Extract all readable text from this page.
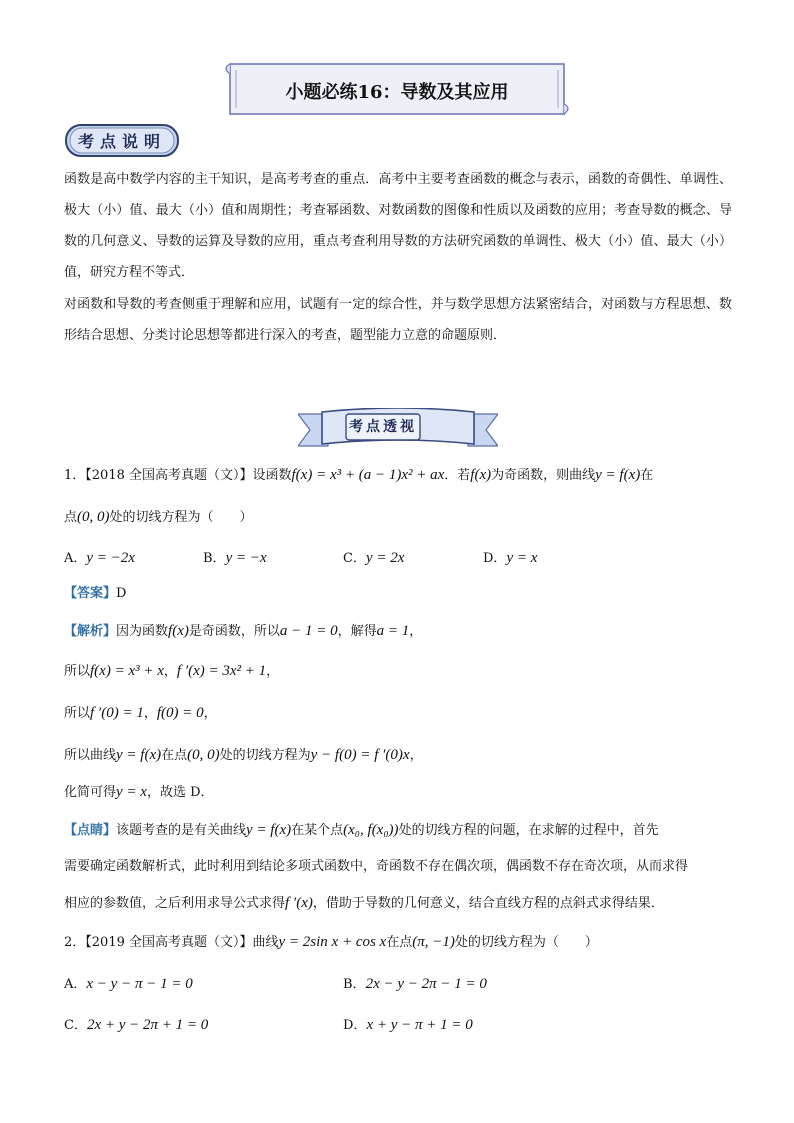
小题必练16：导数及其应用
考点说明
函数是高中数学内容的主干知识，是高考考查的重点．高考中主要考查函数的概念与表示，函数的奇偶性、单调性、极大（小）值、最大（小）值和周期性；考查幂函数、对数函数的图像和性质以及函数的应用；考查导数的概念、导数的几何意义、导数的运算及导数的应用，重点考查利用导数的方法研究函数的单调性、极大（小）值、最大（小）值，研究方程不等式．
对函数和导数的考查侧重于理解和应用，试题有一定的综合性，并与数学思想方法紧密结合，对函数与方程思想、数形结合思想、分类讨论思想等都进行深入的考查，题型能力立意的命题原则．
考点透视
1．【2018 全国高考真题（文）】设函数f(x) = x³ + (a − 1)x² + ax．若f(x)为奇函数，则曲线y = f(x)在
点(0, 0)处的切线方程为（　　）
A．y = −2x	B．y = −x	C．y = 2x	D．y = x
【答案】D
【解析】因为函数f(x)是奇函数，所以a − 1 = 0，解得a = 1，
所以f(x) = x³ + x，f ′(x) = 3x² + 1，
所以f ′(0) = 1，f(0) = 0，
所以曲线y = f(x)在点(0, 0)处的切线方程为y − f(0) = f ′(0)x，
化简可得y = x，故选 D．
【点睛】该题考查的是有关曲线y = f(x)在某个点(x₀, f(x₀))处的切线方程的问题，在求解的过程中，首先
需要确定函数解析式，此时利用到结论多项式函数中，奇函数不存在偶次项，偶函数不存在奇次项，从而求得
相应的参数值，之后利用求导公式求得f ′(x)，借助于导数的几何意义，结合直线方程的点斜式求得结果．
2．【2019 全国高考真题（文）】曲线y = 2sin x + cos x在点(π, −1)处的切线方程为（　　）
A．x − y − π − 1 = 0	B．2x − y − 2π − 1 = 0
C．2x + y − 2π + 1 = 0	D．x + y − π + 1 = 0
